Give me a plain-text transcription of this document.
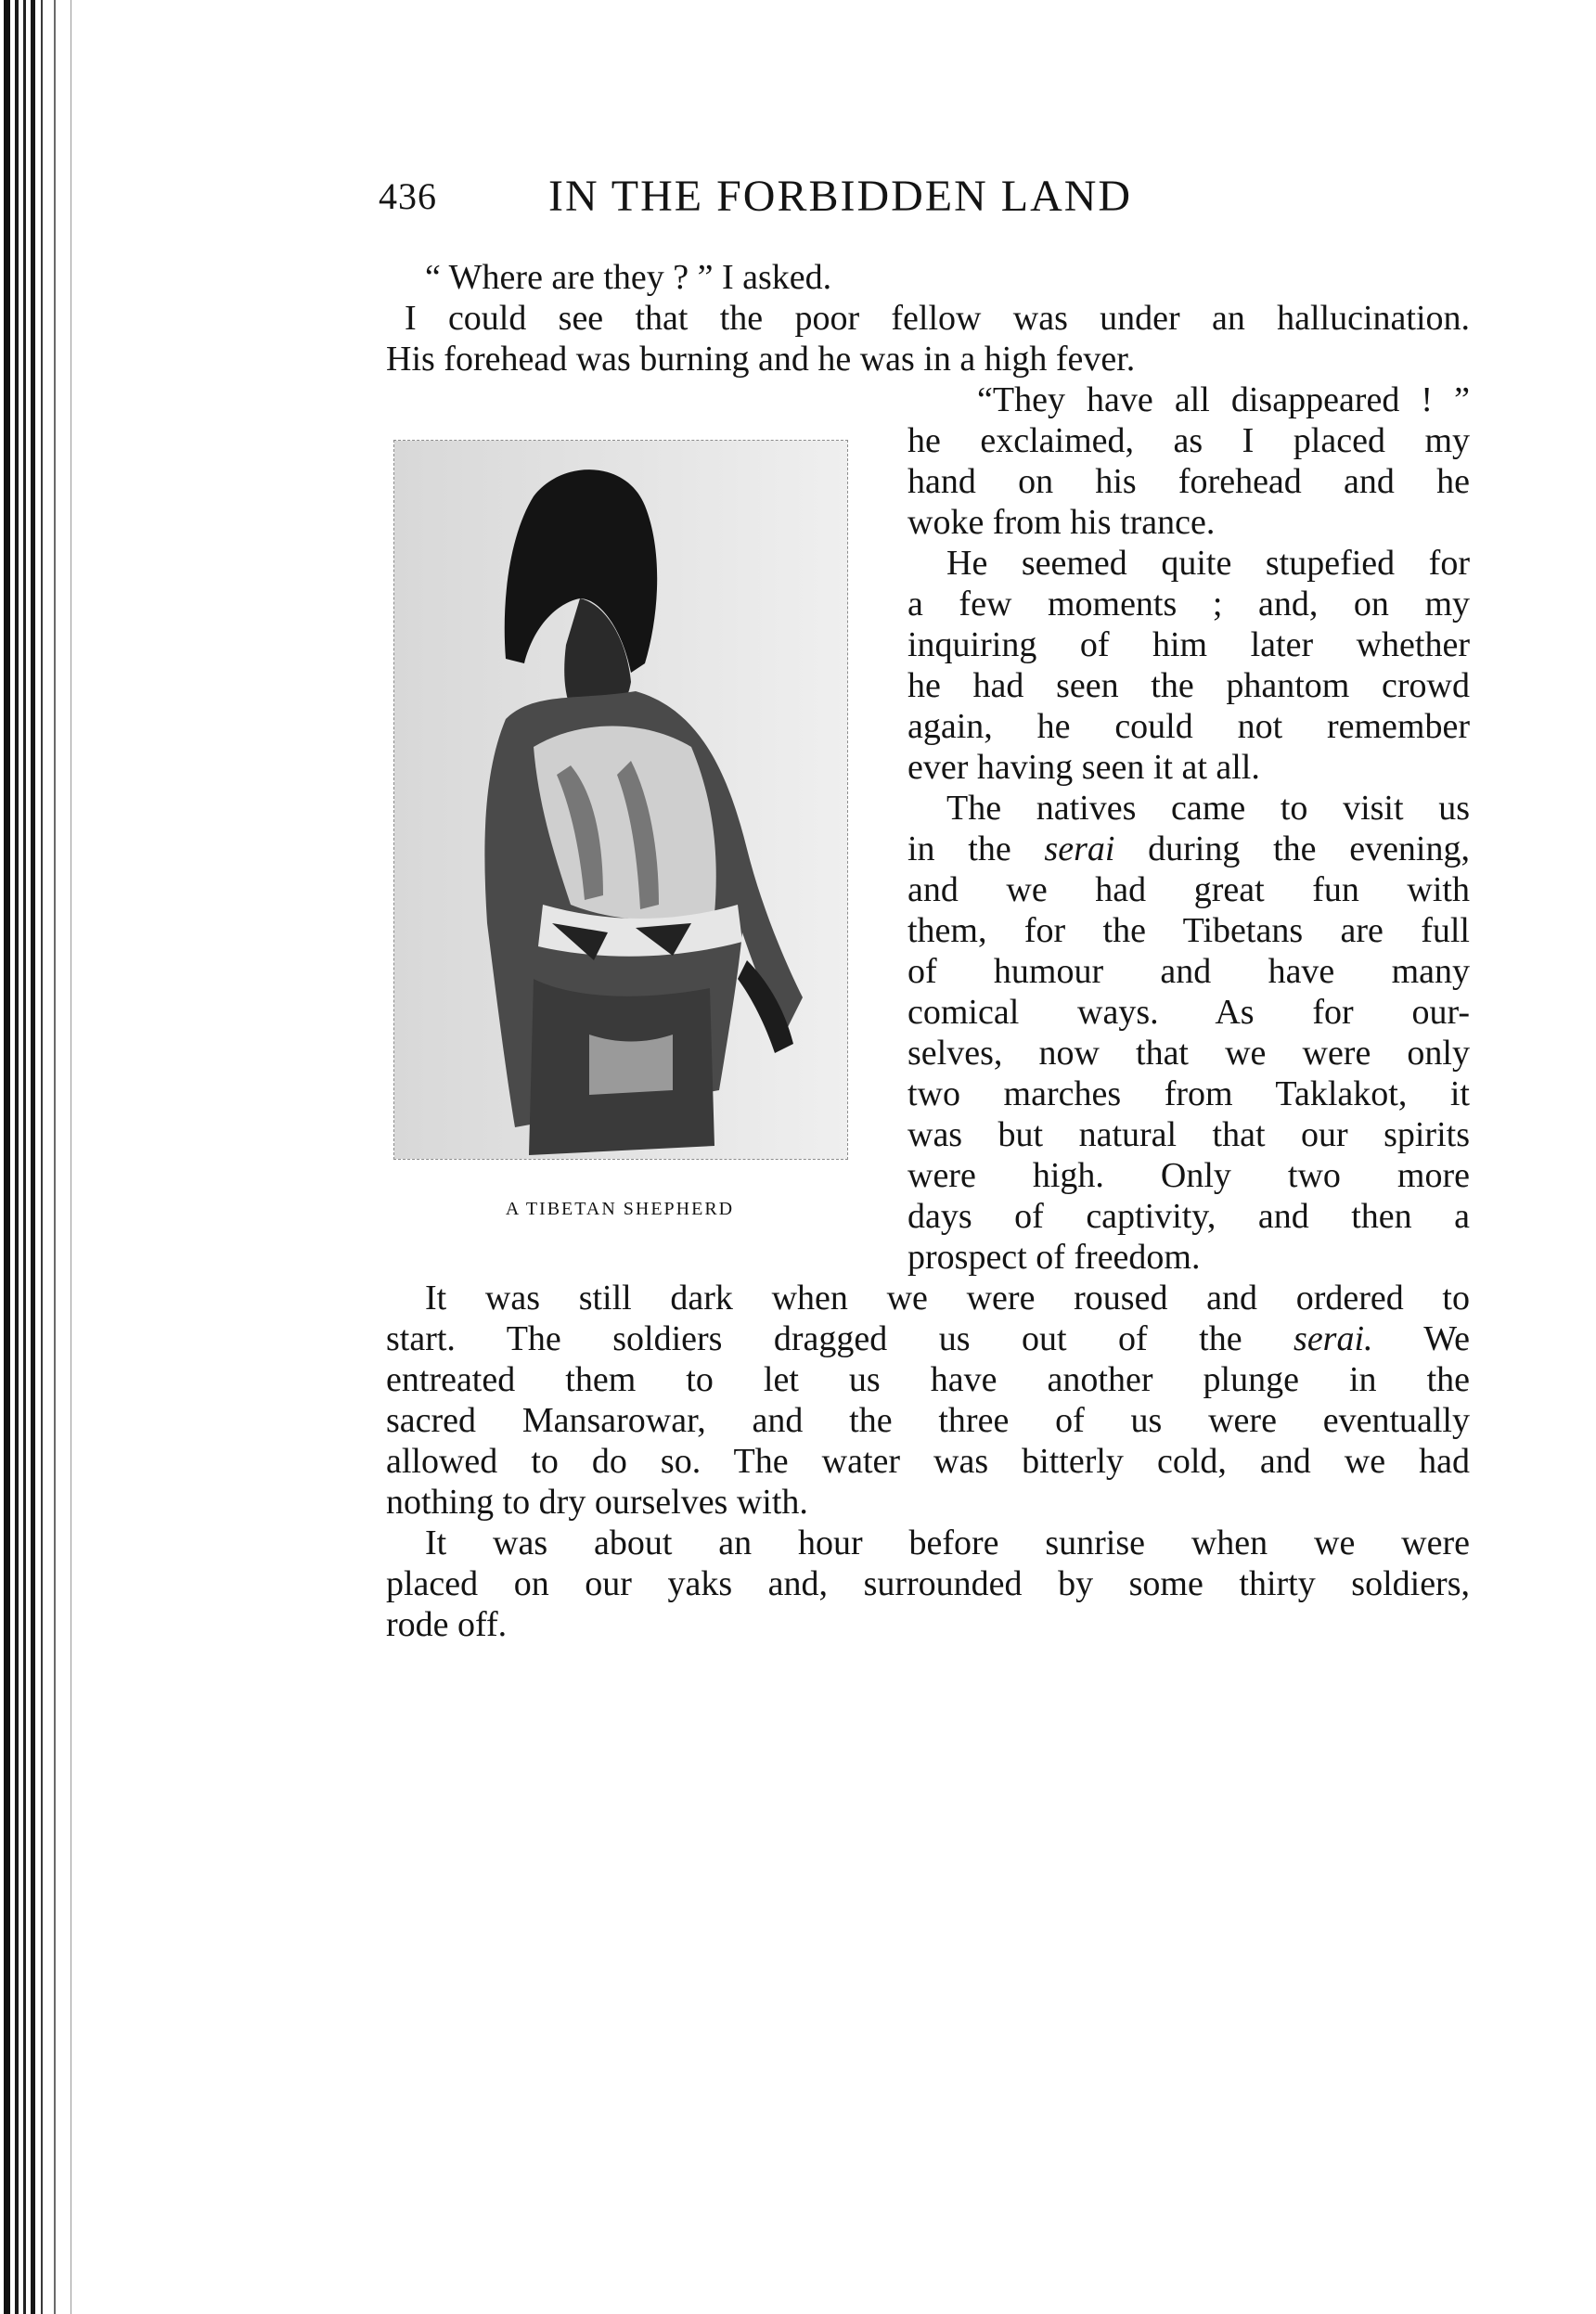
436	IN THE FORBIDDEN LAND
“ Where are they ? ” I asked.
I could see that the poor fellow was under an hallucination.
His forehead was burning and he was in a high fever.
“They have all disappeared ! ”
he exclaimed, as I placed my
hand on his forehead and he
woke from his trance.
He seemed quite stupefied for
a few moments ; and, on my
inquiring of him later whether
he had seen the phantom crowd
again, he could not remember
ever having seen it at all.
The natives came to visit us
in the serai during the evening,
and we had great fun with
them, for the Tibetans are full
of humour and have many
comical ways. As for our-
selves, now that we were only
two marches from Taklakot, it
was but natural that our spirits
were high. Only two more
days of captivity, and then a
prospect of freedom.
It was still dark when we were roused and ordered to
start. The soldiers dragged us out of the serai. We
entreated them to let us have another plunge in the
sacred Mansarowar, and the three of us were eventually
allowed to do so. The water was bitterly cold, and we had
nothing to dry ourselves with.
It was about an hour before sunrise when we were
placed on our yaks and, surrounded by some thirty soldiers,
rode off.
A TIBETAN SHEPHERD
